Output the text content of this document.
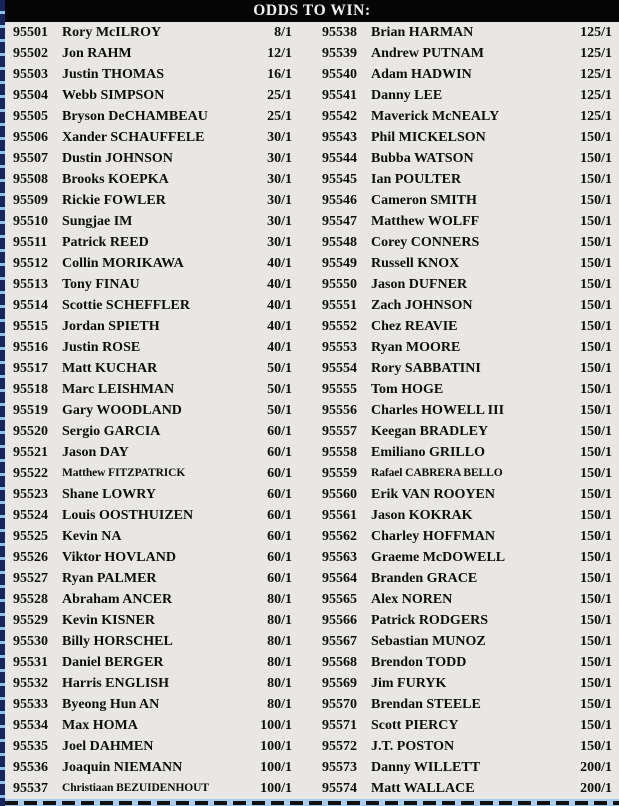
ODDS TO WIN:
95501	Rory McILROY	8/1
95502	Jon RAHM	12/1
95503	Justin THOMAS	16/1
95504	Webb SIMPSON	25/1
95505	Bryson DeCHAMBEAU	25/1
95506	Xander SCHAUFFELE	30/1
95507	Dustin JOHNSON	30/1
95508	Brooks KOEPKA	30/1
95509	Rickie FOWLER	30/1
95510	Sungjae IM	30/1
95511	Patrick REED	30/1
95512	Collin MORIKAWA	40/1
95513	Tony FINAU	40/1
95514	Scottie SCHEFFLER	40/1
95515	Jordan SPIETH	40/1
95516	Justin ROSE	40/1
95517	Matt KUCHAR	50/1
95518	Marc LEISHMAN	50/1
95519	Gary WOODLAND	50/1
95520	Sergio GARCIA	60/1
95521	Jason DAY	60/1
95522	Matthew FITZPATRICK	60/1
95523	Shane LOWRY	60/1
95524	Louis OOSTHUIZEN	60/1
95525	Kevin NA	60/1
95526	Viktor HOVLAND	60/1
95527	Ryan PALMER	60/1
95528	Abraham ANCER	80/1
95529	Kevin KISNER	80/1
95530	Billy HORSCHEL	80/1
95531	Daniel BERGER	80/1
95532	Harris ENGLISH	80/1
95533	Byeong Hun AN	80/1
95534	Max HOMA	100/1
95535	Joel DAHMEN	100/1
95536	Joaquin NIEMANN	100/1
95537	Christiaan BEZUIDENHOUT	100/1
95538	Brian HARMAN	125/1
95539	Andrew PUTNAM	125/1
95540	Adam HADWIN	125/1
95541	Danny LEE	125/1
95542	Maverick McNEALY	125/1
95543	Phil MICKELSON	150/1
95544	Bubba WATSON	150/1
95545	Ian POULTER	150/1
95546	Cameron SMITH	150/1
95547	Matthew WOLFF	150/1
95548	Corey CONNERS	150/1
95549	Russell KNOX	150/1
95550	Jason DUFNER	150/1
95551	Zach JOHNSON	150/1
95552	Chez REAVIE	150/1
95553	Ryan MOORE	150/1
95554	Rory SABBATINI	150/1
95555	Tom HOGE	150/1
95556	Charles HOWELL III	150/1
95557	Keegan BRADLEY	150/1
95558	Emiliano GRILLO	150/1
95559	Rafael CABRERA BELLO	150/1
95560	Erik VAN ROOYEN	150/1
95561	Jason KOKRAK	150/1
95562	Charley HOFFMAN	150/1
95563	Graeme McDOWELL	150/1
95564	Branden GRACE	150/1
95565	Alex NOREN	150/1
95566	Patrick RODGERS	150/1
95567	Sebastian MUNOZ	150/1
95568	Brendon TODD	150/1
95569	Jim FURYK	150/1
95570	Brendan STEELE	150/1
95571	Scott PIERCY	150/1
95572	J.T. POSTON	150/1
95573	Danny WILLETT	200/1
95574	Matt WALLACE	200/1
